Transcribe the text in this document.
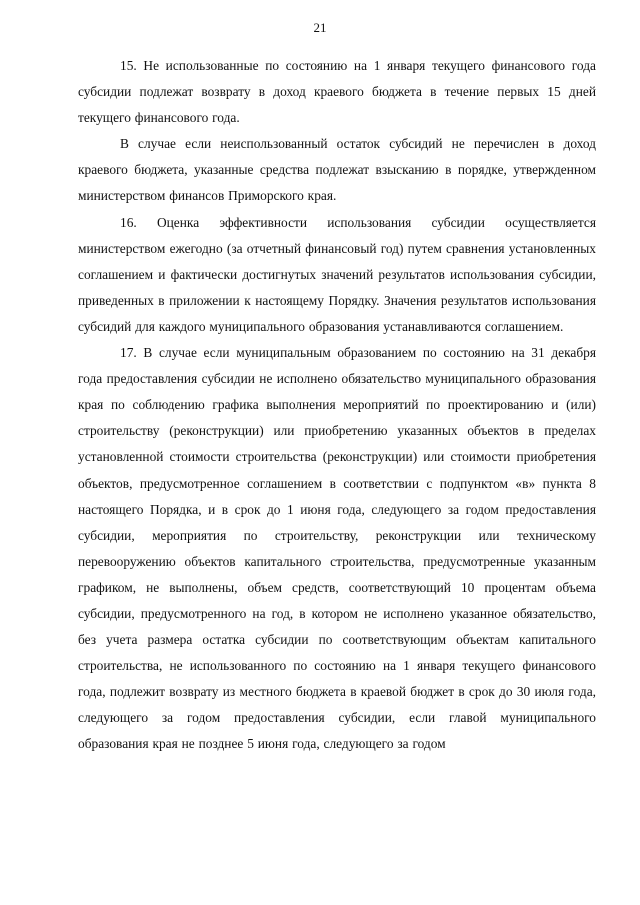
21

15. Не использованные по состоянию на 1 января текущего финансового года субсидии подлежат возврату в доход краевого бюджета в течение первых 15 дней текущего финансового года.

В случае если неиспользованный остаток субсидий не перечислен в доход краевого бюджета, указанные средства подлежат взысканию в порядке, утвержденном министерством финансов Приморского края.

16. Оценка эффективности использования субсидии осуществляется министерством ежегодно (за отчетный финансовый год) путем сравнения установленных соглашением и фактически достигнутых значений результатов использования субсидии, приведенных в приложении к настоящему Порядку. Значения результатов использования субсидий для каждого муниципального образования устанавливаются соглашением.

17. В случае если муниципальным образованием по состоянию на 31 декабря года предоставления субсидии не исполнено обязательство муниципального образования края по соблюдению графика выполнения мероприятий по проектированию и (или) строительству (реконструкции) или приобретению указанных объектов в пределах установленной стоимости строительства (реконструкции) или стоимости приобретения объектов, предусмотренное соглашением в соответствии с подпунктом «в» пункта 8 настоящего Порядка, и в срок до 1 июня года, следующего за годом предоставления субсидии, мероприятия по строительству, реконструкции или техническому перевооружению объектов капитального строительства, предусмотренные указанным графиком, не выполнены, объем средств, соответствующий 10 процентам объема субсидии, предусмотренного на год, в котором не исполнено указанное обязательство, без учета размера остатка субсидии по соответствующим объектам капитального строительства, не использованного по состоянию на 1 января текущего финансового года, подлежит возврату из местного бюджета в краевой бюджет в срок до 30 июля года, следующего за годом предоставления субсидии, если главой муниципального образования края не позднее 5 июня года, следующего за годом
